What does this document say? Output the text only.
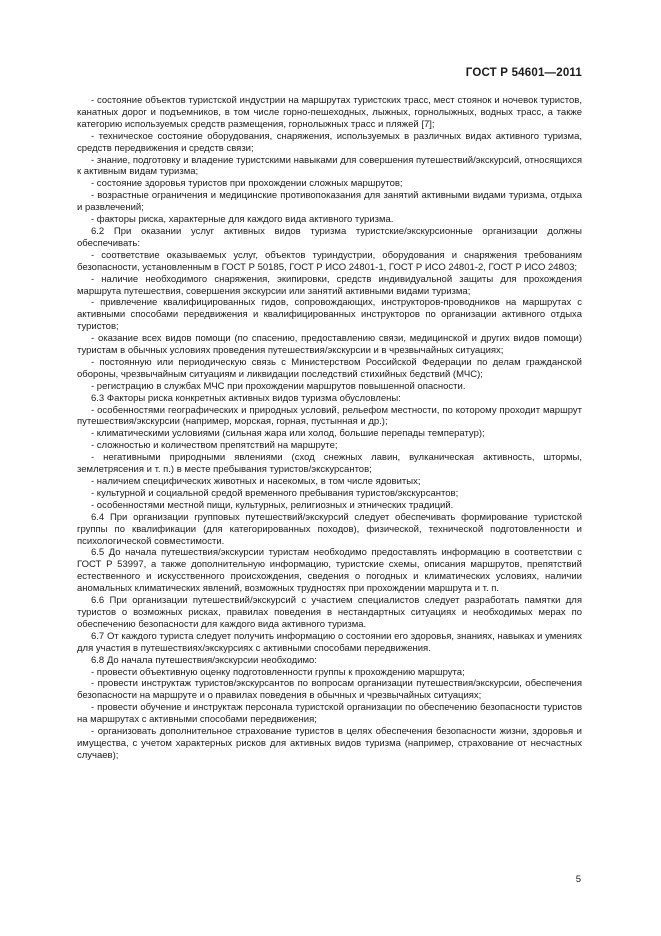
ГОСТ Р 54601—2011

- состояние объектов туристской индустрии на маршрутах туристских трасс, мест стоянок и ночевок туристов, канатных дорог и подъемников, в том числе горно-пешеходных, лыжных, горнолыжных, водных трасс, а также категорию используемых средств размещения, горнолыжных трасс и пляжей [7];

- техническое состояние оборудования, снаряжения, используемых в различных видах активного туризма, средств передвижения и средств связи;

- знание, подготовку и владение туристскими навыками для совершения путешествий/экскурсий, относящихся к активным видам туризма;

- состояние здоровья туристов при прохождении сложных маршрутов;

- возрастные ограничения и медицинские противопоказания для занятий активными видами туризма, отдыха и развлечений;

- факторы риска, характерные для каждого вида активного туризма.

6.2 При оказании услуг активных видов туризма туристские/экскурсионные организации должны обеспечивать:

- соответствие оказываемых услуг, объектов туриндустрии, оборудования и снаряжения требованиям безопасности, установленным в ГОСТ Р 50185, ГОСТ Р ИСО 24801-1, ГОСТ Р ИСО 24801-2, ГОСТ Р ИСО 24803;

- наличие необходимого снаряжения, экипировки, средств индивидуальной защиты для прохождения маршрута путешествия, совершения экскурсии или занятий активными видами туризма;

- привлечение квалифицированных гидов, сопровождающих, инструкторов-проводников на маршрутах с активными способами передвижения и квалифицированных инструкторов по организации активного отдыха туристов;

- оказание всех видов помощи (по спасению, предоставлению связи, медицинской и других видов помощи) туристам в обычных условиях проведения путешествия/экскурсии и в чрезвычайных ситуациях;

- постоянную или периодическую связь с Министерством Российской Федерации по делам гражданской обороны, чрезвычайным ситуациям и ликвидации последствий стихийных бедствий (МЧС);

- регистрацию в службах МЧС при прохождении маршрутов повышенной опасности.

6.3 Факторы риска конкретных активных видов туризма обусловлены:

- особенностями географических и природных условий, рельефом местности, по которому проходит маршрут путешествия/экскурсии (например, морская, горная, пустынная и др.);

- климатическими условиями (сильная жара или холод, большие перепады температур);

- сложностью и количеством препятствий на маршруте;

- негативными природными явлениями (сход снежных лавин, вулканическая активность, штормы, землетрясения и т. п.) в месте пребывания туристов/экскурсантов;

- наличием специфических животных и насекомых, в том числе ядовитых;

- культурной и социальной средой временного пребывания туристов/экскурсантов;

- особенностями местной пищи, культурных, религиозных и этнических традиций.

6.4 При организации групповых путешествий/экскурсий следует обеспечивать формирование туристской группы по квалификации (для категорированных походов), физической, технической подготовленности и психологической совместимости.

6.5 До начала путешествия/экскурсии туристам необходимо предоставлять информацию в соответствии с ГОСТ Р 53997, а также дополнительную информацию, туристские схемы, описания маршрутов, препятствий естественного и искусственного происхождения, сведения о погодных и климатических условиях, наличии аномальных климатических явлений, возможных трудностях при прохождении маршрута и т. п.

6.6 При организации путешествий/экскурсий с участием специалистов следует разработать памятки для туристов о возможных рисках, правилах поведения в нестандартных ситуациях и необходимых мерах по обеспечению безопасности для каждого вида активного туризма.

6.7 От каждого туриста следует получить информацию о состоянии его здоровья, знаниях, навыках и умениях для участия в путешествиях/экскурсиях с активными способами передвижения.

6.8 До начала путешествия/экскурсии необходимо:

- провести объективную оценку подготовленности группы к прохождению маршрута;

- провести инструктаж туристов/экскурсантов по вопросам организации путешествия/экскурсии, обеспечения безопасности на маршруте и о правилах поведения в обычных и чрезвычайных ситуациях;

- провести обучение и инструктаж персонала туристской организации по обеспечению безопасности туристов на маршрутах с активными способами передвижения;

- организовать дополнительное страхование туристов в целях обеспечения безопасности жизни, здоровья и имущества, с учетом характерных рисков для активных видов туризма (например, страхование от несчастных случаев);

5
